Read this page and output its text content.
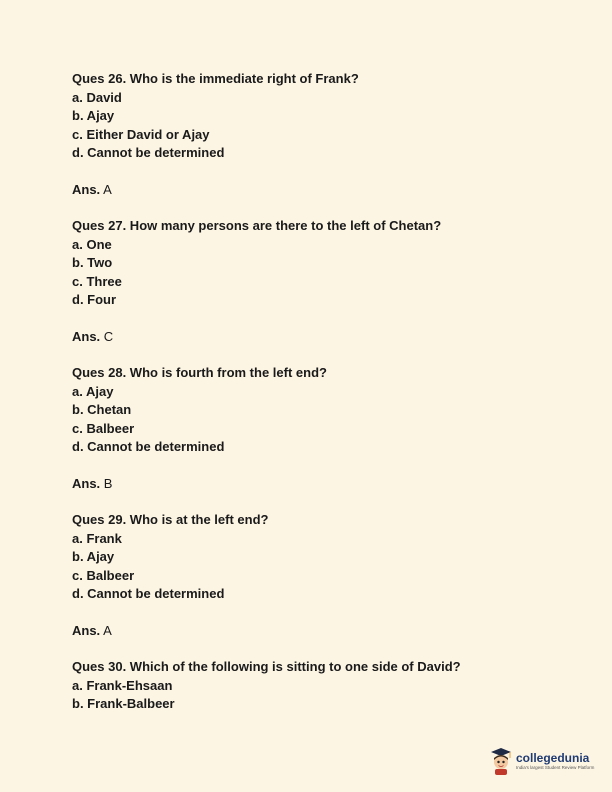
Ques 26. Who is the immediate right of Frank?
a. David
b. Ajay
c. Either David or Ajay
d. Cannot be determined
Ans. A
Ques 27. How many persons are there to the left of Chetan?
a. One
b. Two
c. Three
d. Four
Ans. C
Ques 28. Who is fourth from the left end?
a. Ajay
b. Chetan
c. Balbeer
d. Cannot be determined
Ans. B
Ques 29. Who is at the left end?
a. Frank
b. Ajay
c. Balbeer
d. Cannot be determined
Ans. A
Ques 30. Which of the following is sitting to one side of David?
a. Frank-Ehsaan
b. Frank-Balbeer
collegedunia
India's largest Student Review Platform
